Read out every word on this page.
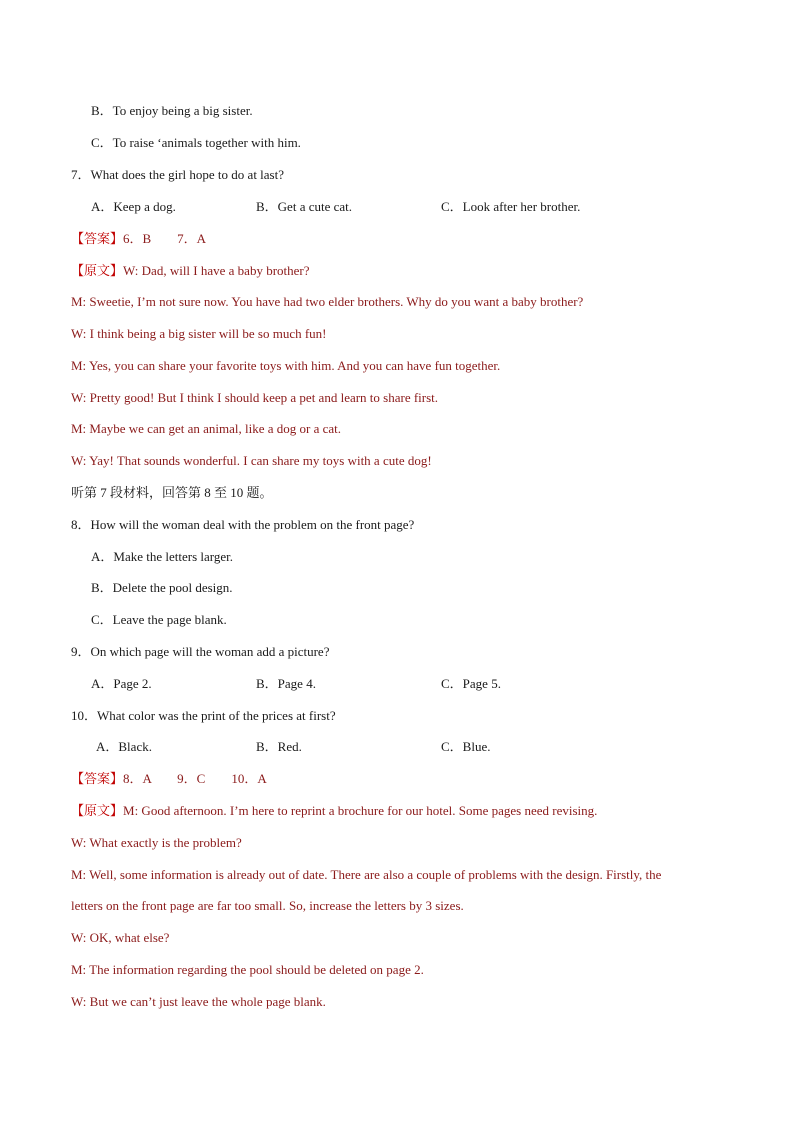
B．To enjoy being a big sister.
C．To raise ‘animals together with him.
7．What does the girl hope to do at last?
A．Keep a dog.	B．Get a cute cat.	C．Look after her brother.
【答案】6．B　　7．A
【原文】W: Dad, will I have a baby brother?
M: Sweetie, I’m not sure now. You have had two elder brothers. Why do you want a baby brother?
W: I think being a big sister will be so much fun!
M: Yes, you can share your favorite toys with him. And you can have fun together.
W: Pretty good! But I think I should keep a pet and learn to share first.
M: Maybe we can get an animal, like a dog or a cat.
W: Yay! That sounds wonderful. I can share my toys with a cute dog!
听第 7 段材料，回答第 8 至 10 题。
8．How will the woman deal with the problem on the front page?
A．Make the letters larger.
B．Delete the pool design.
C．Leave the page blank.
9．On which page will the woman add a picture?
A．Page 2.	B．Page 4.	C．Page 5.
10．What color was the print of the prices at first?
A．Black.	B．Red.	C．Blue.
【答案】8．A　　9．C　　10．A
【原文】M: Good afternoon. I’m here to reprint a brochure for our hotel. Some pages need revising.
W: What exactly is the problem?
M: Well, some information is already out of date. There are also a couple of problems with the design. Firstly, the
letters on the front page are far too small. So, increase the letters by 3 sizes.
W: OK, what else?
M: The information regarding the pool should be deleted on page 2.
W: But we can’t just leave the whole page blank.
